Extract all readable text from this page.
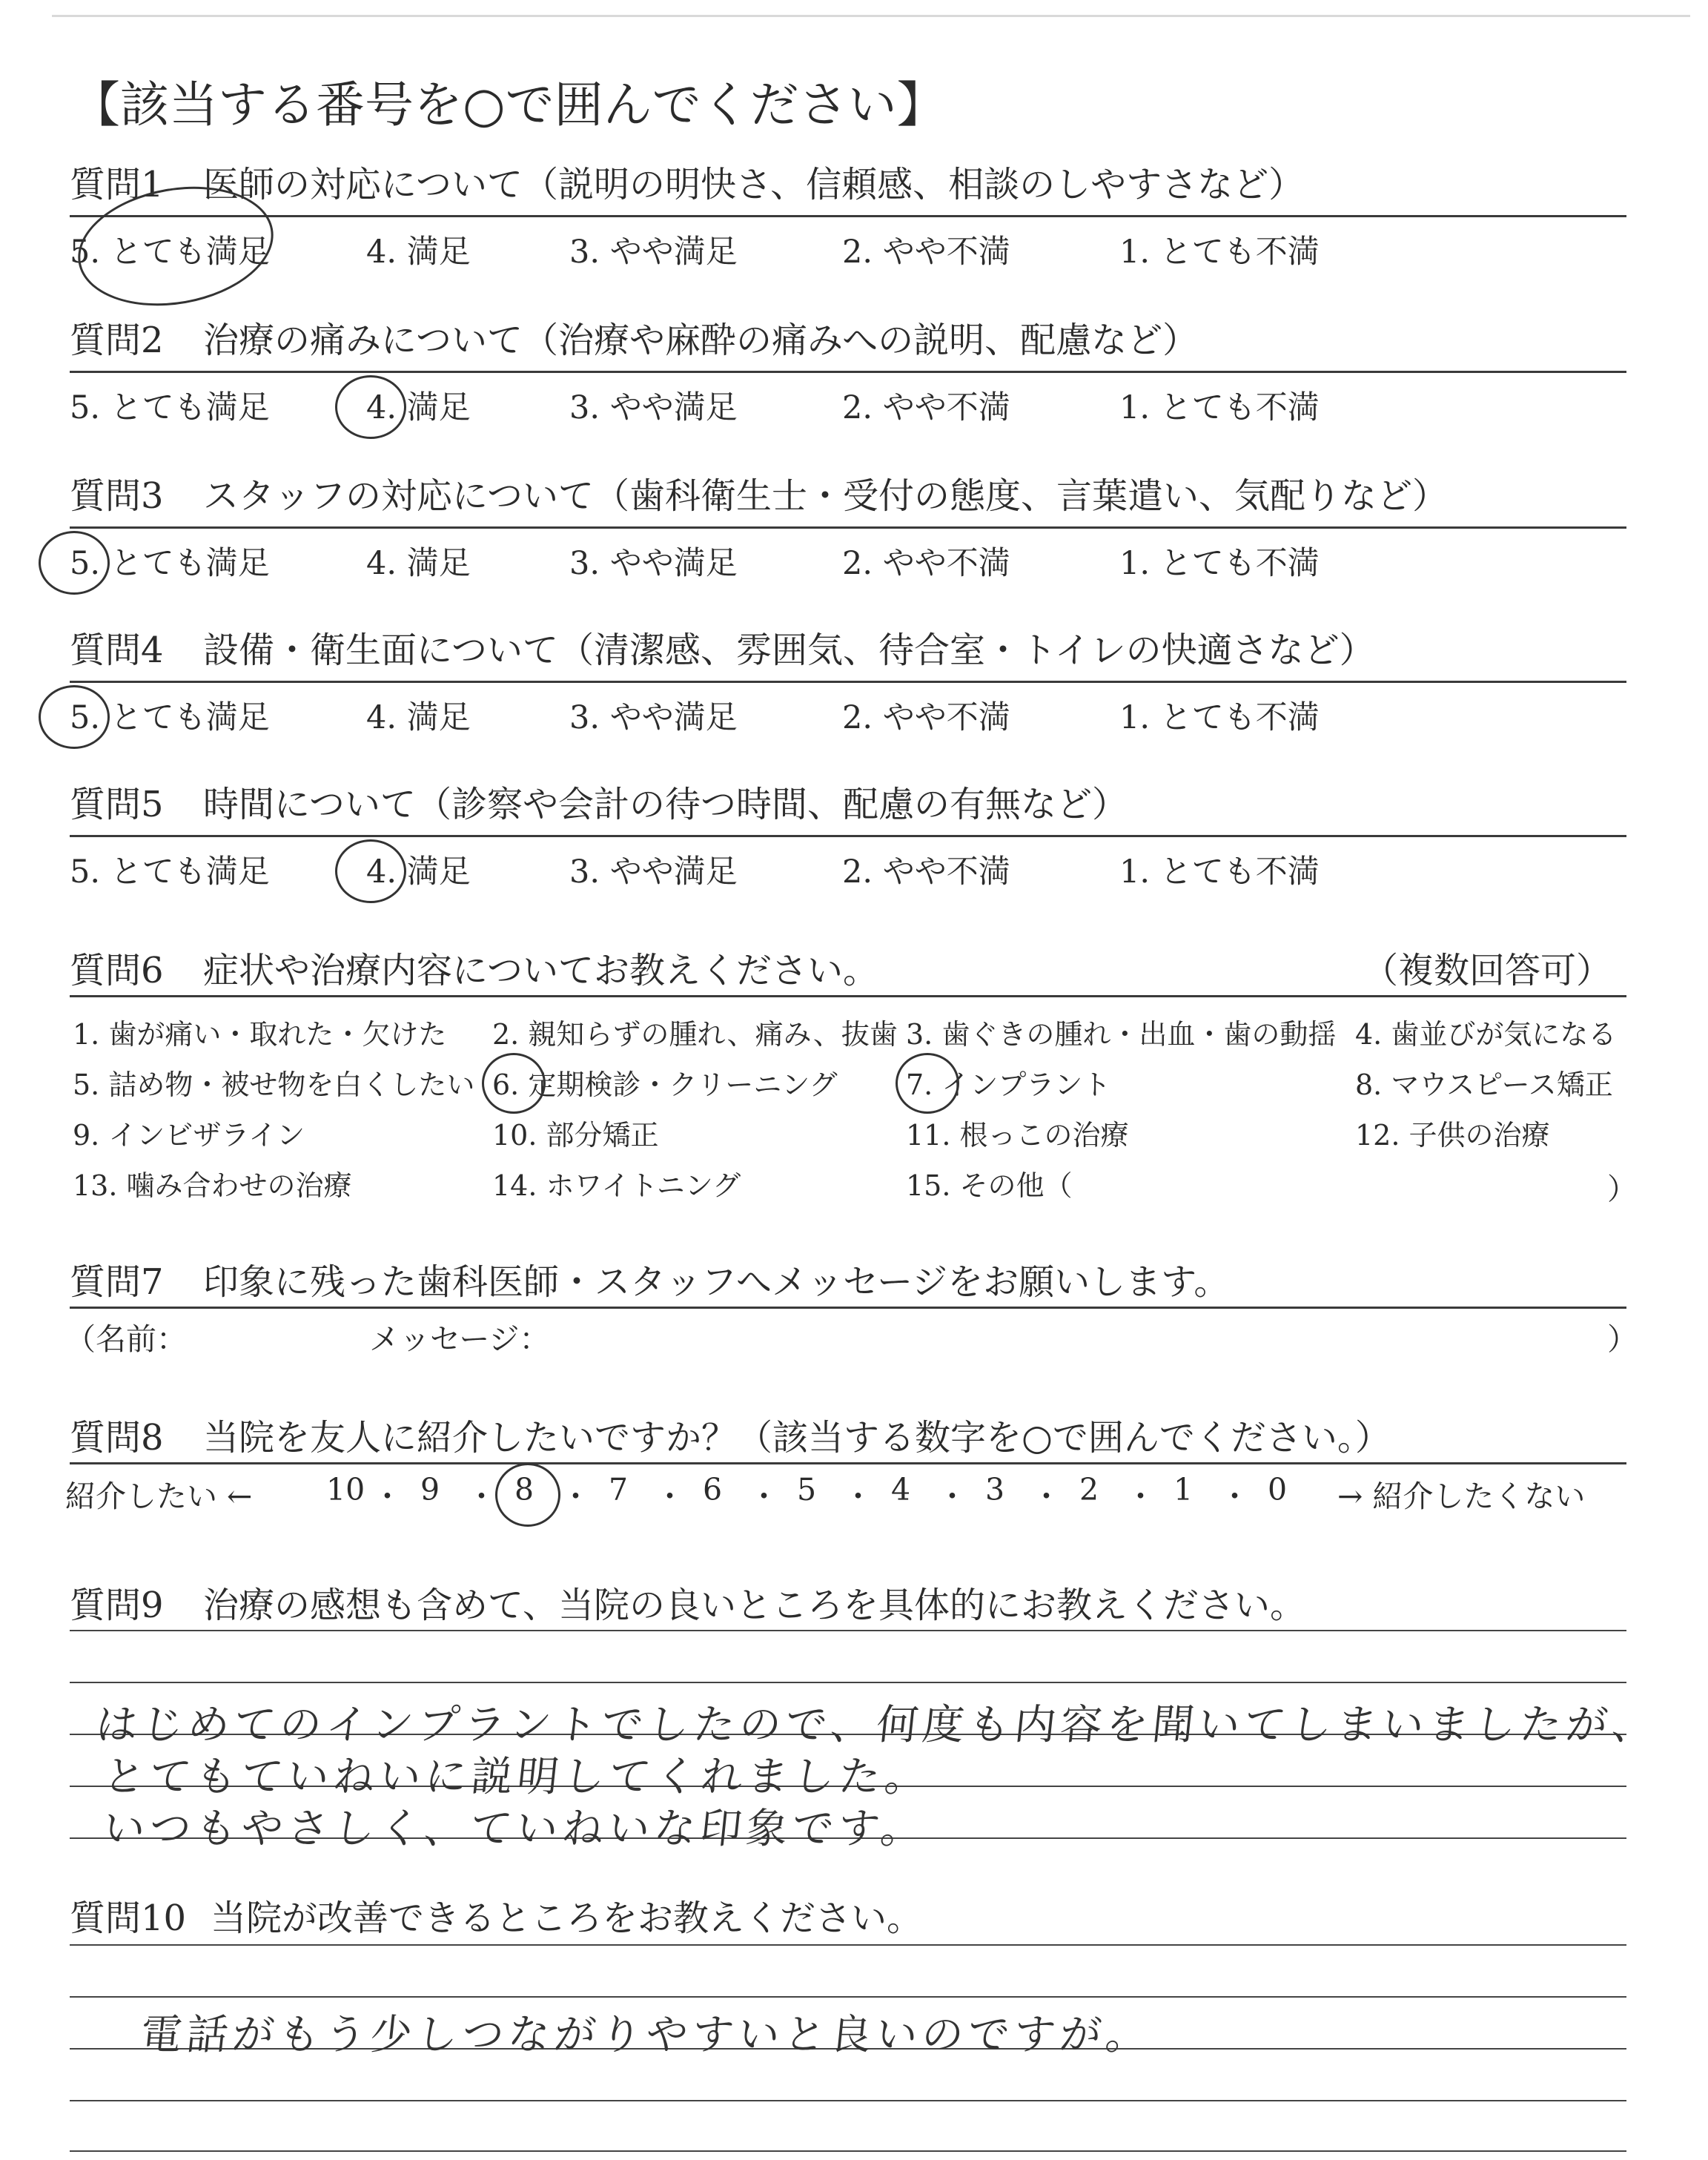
【該当する番号を○で囲んでください】
質問1 医師の対応について（説明の明快さ、信頼感、相談のしやすさなど）
5. とても満足	4. 満足	3. やや満足	2. やや不満	1. とても不満
質問2 治療の痛みについて（治療や麻酔の痛みへの説明、配慮など）
5. とても満足	4. 満足	3. やや満足	2. やや不満	1. とても不満
質問3 スタッフの対応について（歯科衛生士・受付の態度、言葉遣い、気配りなど）
5. とても満足	4. 満足	3. やや満足	2. やや不満	1. とても不満
質問4 設備・衛生面について（清潔感、雰囲気、待合室・トイレの快適さなど）
5. とても満足	4. 満足	3. やや満足	2. やや不満	1. とても不満
質問5 時間について（診察や会計の待つ時間、配慮の有無など）
5. とても満足	4. 満足	3. やや満足	2. やや不満	1. とても不満
質問6 症状や治療内容についてお教えください。	（複数回答可）
1. 歯が痛い・取れた・欠けた 2. 親知らずの腫れ、痛み、抜歯 3. 歯ぐきの腫れ・出血・歯の動揺 4. 歯並びが気になる
5. 詰め物・被せ物を白くしたい 6. 定期検診・クリーニング 7. インプラント	8. マウスピース矯正
9. インビザライン	10. 部分矯正	11. 根っこの治療	12. 子供の治療
13. 噛み合わせの治療	14. ホワイトニング	15. その他（	）
質問7 印象に残った歯科医師・スタッフへメッセージをお願いします。
（名前：	メッセージ：	）
質問8 当院を友人に紹介したいですか？（該当する数字を○で囲んでください。）
紹介したい ←	→ 紹介したくない
10 ・ 9 ・ 8 ・ 7 ・ 6 ・ 5 ・ 4 ・ 3 ・ 2 ・ 1 ・ 0
質問9 治療の感想も含めて、当院の良いところを具体的にお教えください。
はじめてのインプラントでしたので、何度も内容を聞いてしまいましたが、
とてもていねいに説明してくれました。
いつもやさしく、ていねいな印象です。
質問10 当院が改善できるところをお教えください。
電話がもう少しつながりやすいと良いのですが。
